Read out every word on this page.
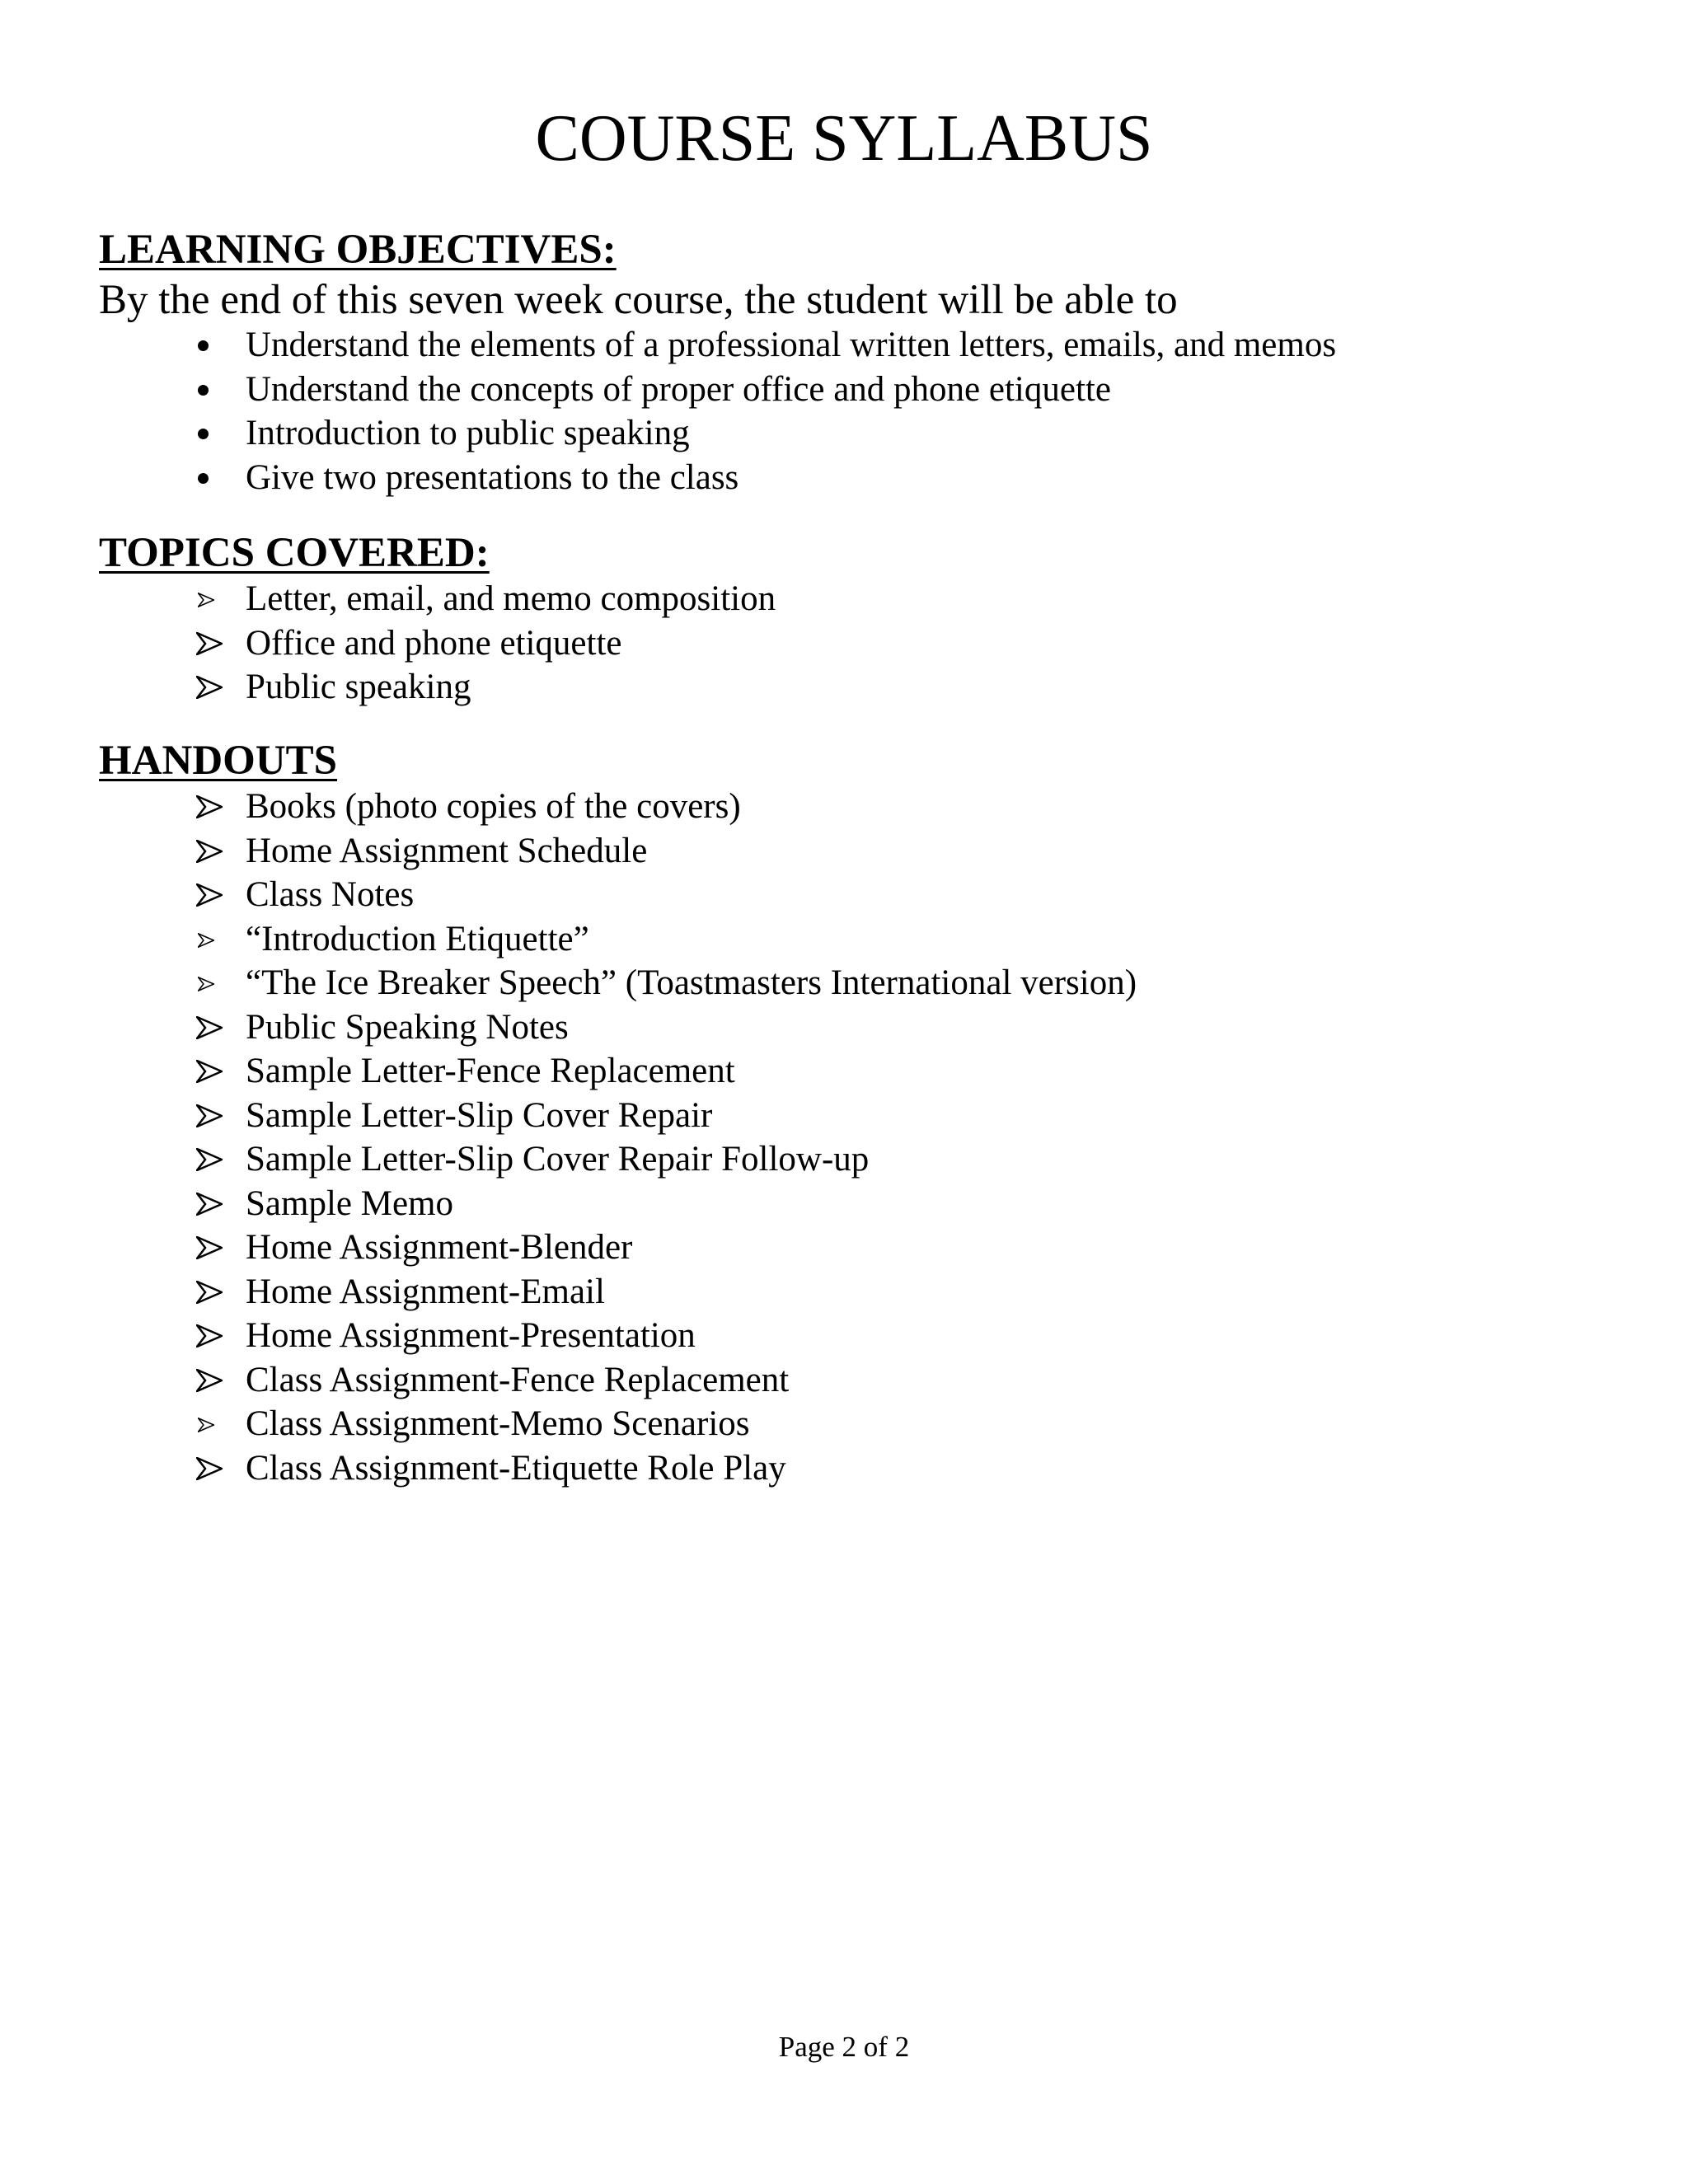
COURSE SYLLABUS
LEARNING OBJECTIVES:

By the end of this seven week course, the student will be able to

Understand the elements of a professional written letters, emails, and memos
Understand the concepts of proper office and phone etiquette
Introduction to public speaking
Give two presentations to the class
TOPICS COVERED:
Letter, email, and memo composition
Office and phone etiquette
Public speaking
HANDOUTS
Books (photo copies of the covers)
Home Assignment Schedule
Class Notes
“Introduction Etiquette”
“The Ice Breaker Speech” (Toastmasters International version)
Public Speaking Notes
Sample Letter-Fence Replacement
Sample Letter-Slip Cover Repair
Sample Letter-Slip Cover Repair Follow-up
Sample Memo
Home Assignment-Blender
Home Assignment-Email
Home Assignment-Presentation
Class Assignment-Fence Replacement
Class Assignment-Memo Scenarios
Class Assignment-Etiquette Role Play

Page 2 of 2
